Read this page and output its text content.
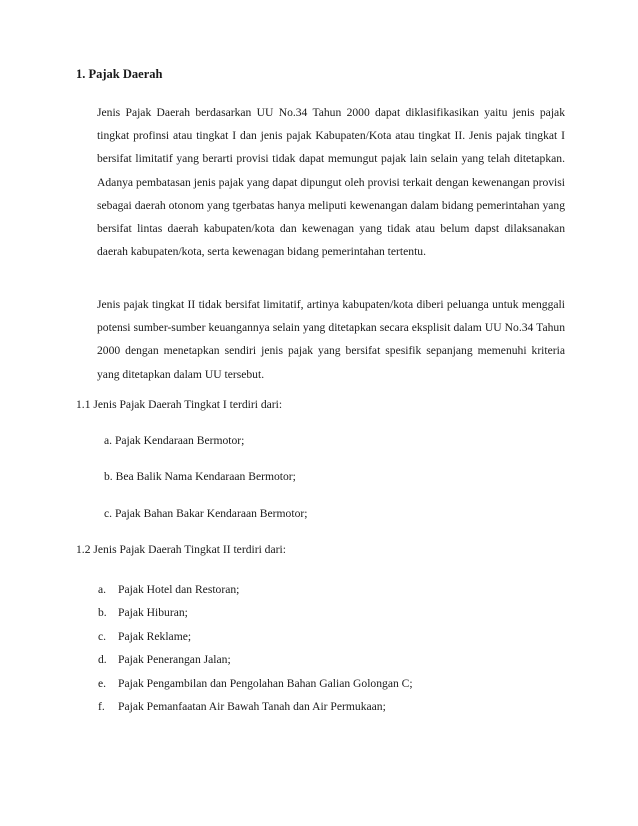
1. Pajak Daerah

Jenis Pajak Daerah berdasarkan UU No.34 Tahun 2000 dapat diklasifikasikan yaitu jenis pajak tingkat profinsi atau tingkat I dan jenis pajak Kabupaten/Kota atau tingkat II. Jenis pajak tingkat I bersifat limitatif yang berarti provisi tidak dapat memungut pajak lain selain yang telah ditetapkan. Adanya pembatasan jenis pajak yang dapat dipungut oleh provisi terkait dengan kewenangan provisi sebagai daerah otonom yang tgerbatas hanya meliputi kewenangan dalam bidang pemerintahan yang bersifat lintas daerah kabupaten/kota dan kewenagan yang tidak atau belum dapst dilaksanakan daerah kabupaten/kota, serta kewenagan bidang pemerintahan tertentu.

Jenis pajak tingkat II tidak bersifat limitatif, artinya kabupaten/kota diberi peluanga untuk menggali potensi sumber-sumber keuangannya selain yang ditetapkan secara eksplisit dalam UU No.34 Tahun 2000 dengan menetapkan sendiri jenis pajak yang bersifat spesifik sepanjang memenuhi kriteria yang ditetapkan dalam UU tersebut.

1.1 Jenis Pajak Daerah Tingkat I terdiri dari:

a. Pajak Kendaraan Bermotor;

b. Bea Balik Nama Kendaraan Bermotor;

c. Pajak Bahan Bakar Kendaraan Bermotor;

1.2 Jenis Pajak Daerah Tingkat II terdiri dari:

a. Pajak Hotel dan Restoran;
b. Pajak Hiburan;
c. Pajak Reklame;
d. Pajak Penerangan Jalan;
e. Pajak Pengambilan dan Pengolahan Bahan Galian Golongan C;
f. Pajak Pemanfaatan Air Bawah Tanah dan Air Permukaan;
